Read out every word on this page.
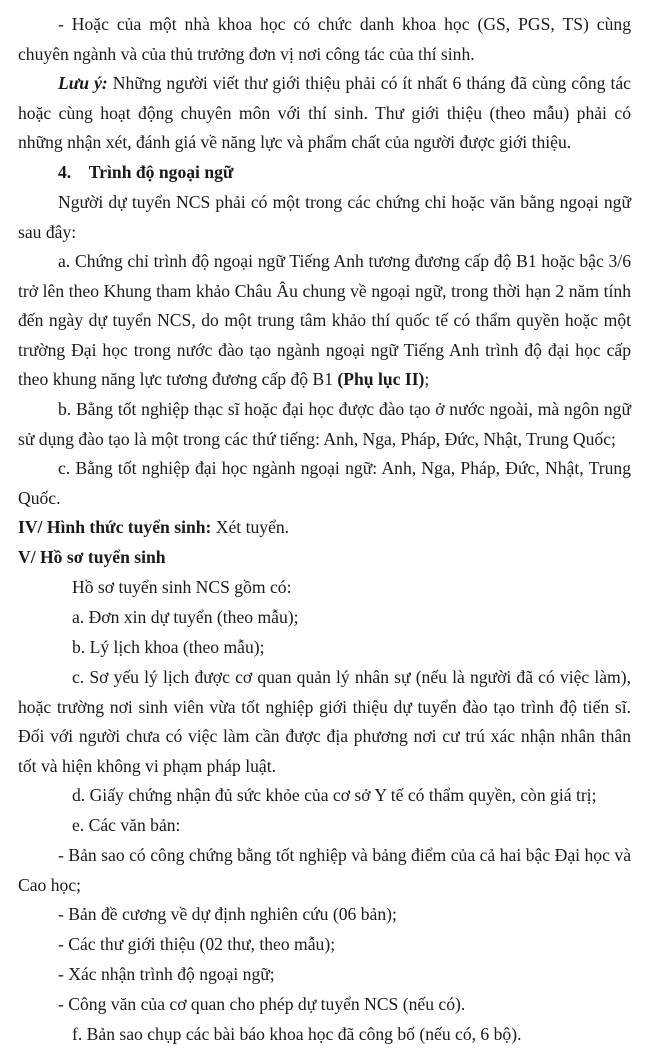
- Hoặc của một nhà khoa học có chức danh khoa học (GS, PGS, TS) cùng chuyên ngành và của thủ trưởng đơn vị nơi công tác của thí sinh.

Lưu ý: Những người viết thư giới thiệu phải có ít nhất 6 tháng đã cùng công tác hoặc cùng hoạt động chuyên môn với thí sinh. Thư giới thiệu (theo mẫu) phải có những nhận xét, đánh giá về năng lực và phẩm chất của người được giới thiệu.

4.    Trình độ ngoại ngữ

Người dự tuyển NCS phải có một trong các chứng chỉ hoặc văn bằng ngoại ngữ sau đây:

a. Chứng chỉ trình độ ngoại ngữ Tiếng Anh tương đương cấp độ B1 hoặc bậc 3/6 trở lên theo Khung tham khảo Châu Âu chung về ngoại ngữ, trong thời hạn 2 năm tính đến ngày dự tuyển NCS, do một trung tâm khảo thí quốc tế có thẩm quyền hoặc một trường Đại học trong nước đào tạo ngành ngoại ngữ Tiếng Anh trình độ đại học cấp theo khung năng lực tương đương cấp độ B1 (Phụ lục II);

b. Bằng tốt nghiệp thạc sĩ hoặc đại học được đào tạo ở nước ngoài, mà ngôn ngữ sử dụng đào tạo là một trong các thứ tiếng: Anh, Nga, Pháp, Đức, Nhật, Trung Quốc;

c. Bằng tốt nghiệp đại học ngành ngoại ngữ: Anh, Nga, Pháp, Đức, Nhật, Trung Quốc.

IV/ Hình thức tuyển sinh: Xét tuyển.

V/ Hồ sơ tuyển sinh

Hồ sơ tuyển sinh NCS gồm có:

a. Đơn xin dự tuyển (theo mẫu);

b. Lý lịch khoa (theo mẫu);

c. Sơ yếu lý lịch được cơ quan quản lý nhân sự (nếu là người đã có việc làm), hoặc trường nơi sinh viên vừa tốt nghiệp giới thiệu dự tuyển đào tạo trình độ tiến sĩ. Đối với người chưa có việc làm cần được địa phương nơi cư trú xác nhận nhân thân tốt và hiện không vi phạm pháp luật.

d. Giấy chứng nhận đủ sức khỏe của cơ sở Y tế có thẩm quyền, còn giá trị;

e. Các văn bản:

- Bản sao có công chứng bằng tốt nghiệp và bảng điểm của cả hai bậc Đại học và Cao học;

- Bản đề cương về dự định nghiên cứu (06 bản);

- Các thư giới thiệu (02 thư, theo mẫu);

- Xác nhận trình độ ngoại ngữ;

- Công văn của cơ quan cho phép dự tuyển NCS (nếu có).

f. Bản sao chụp các bài báo khoa học đã công bố (nếu có, 6 bộ).
